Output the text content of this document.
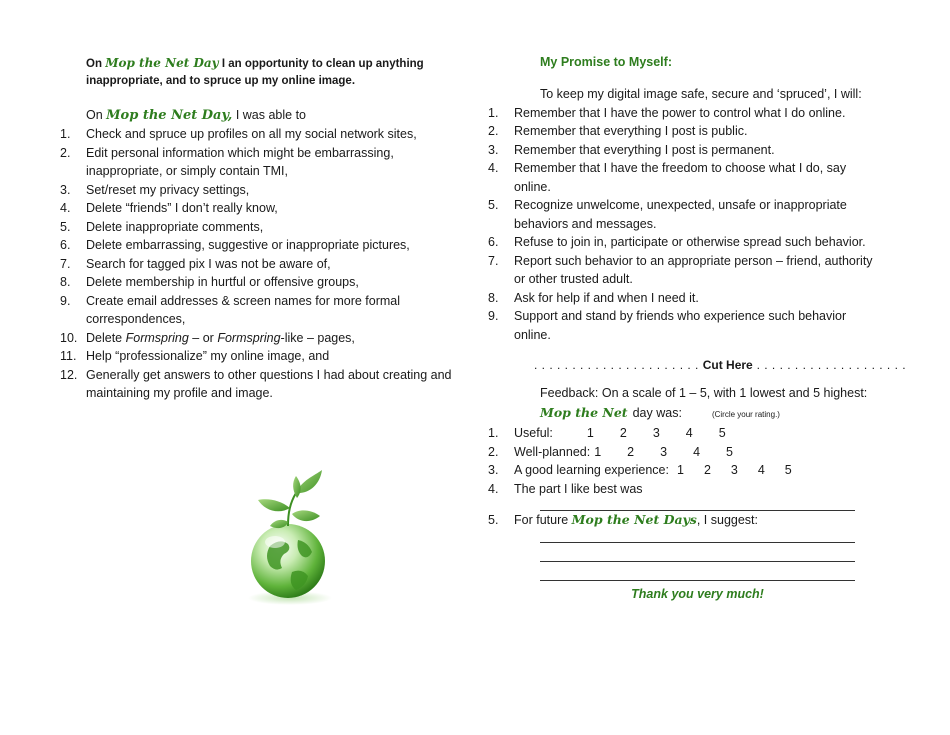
On Mop the Net Day I an opportunity to clean up anything inappropriate, and to spruce up my online image.
On Mop the Net Day, I was able to
1.	Check and spruce up profiles on all my social network sites,
2.	Edit personal information which might be embarrassing, inappropriate, or simply contain TMI,
3.	Set/reset my privacy settings,
4.	Delete “friends” I don’t really know,
5.	Delete inappropriate comments,
6.	Delete embarrassing, suggestive or inappropriate pictures,
7.	Search for tagged pix I was not be aware of,
8.	Delete membership in hurtful or offensive groups,
9.	Create email addresses & screen names for more formal correspondences,
10. Delete Formspring – or Formspring-like – pages,
11. Help “professionalize” my online image, and
12. Generally get answers to other questions I had about creating and maintaining my profile and image.
My Promise to Myself:
To keep my digital image safe, secure and ‘spruced’, I will:
1.	Remember that I have the power to control what I do online.
2.	Remember that everything I post is public.
3.	Remember that everything I post is permanent.
4.	Remember that I have the freedom to choose what I do, say online.
5.	Recognize unwelcome, unexpected, unsafe or inappropriate behaviors and messages.
6.	Refuse to join in, participate or otherwise spread such behavior.
7.	Report such behavior to an appropriate person – friend, authority or other trusted adult.
8.	Ask for help if and when I need it.
9.	Support and stand by friends who experience such behavior online.
. . . . . . . . . . . . . . . . . . . . . . Cut Here . . . . . . . . . . . . . . . . . . . .
Feedback: On a scale of 1 – 5, with 1 lowest and 5 highest:
Mop the Net day was:	(Circle your rating.)
1.	Useful:	1 2 3 4 5
2.	Well-planned: 1 2 3 4 5
3.	A good learning experience: 1 2 3 4 5
4.	The part I like best was
5.	For future Mop the Net Days, I suggest:
Thank you very much!
